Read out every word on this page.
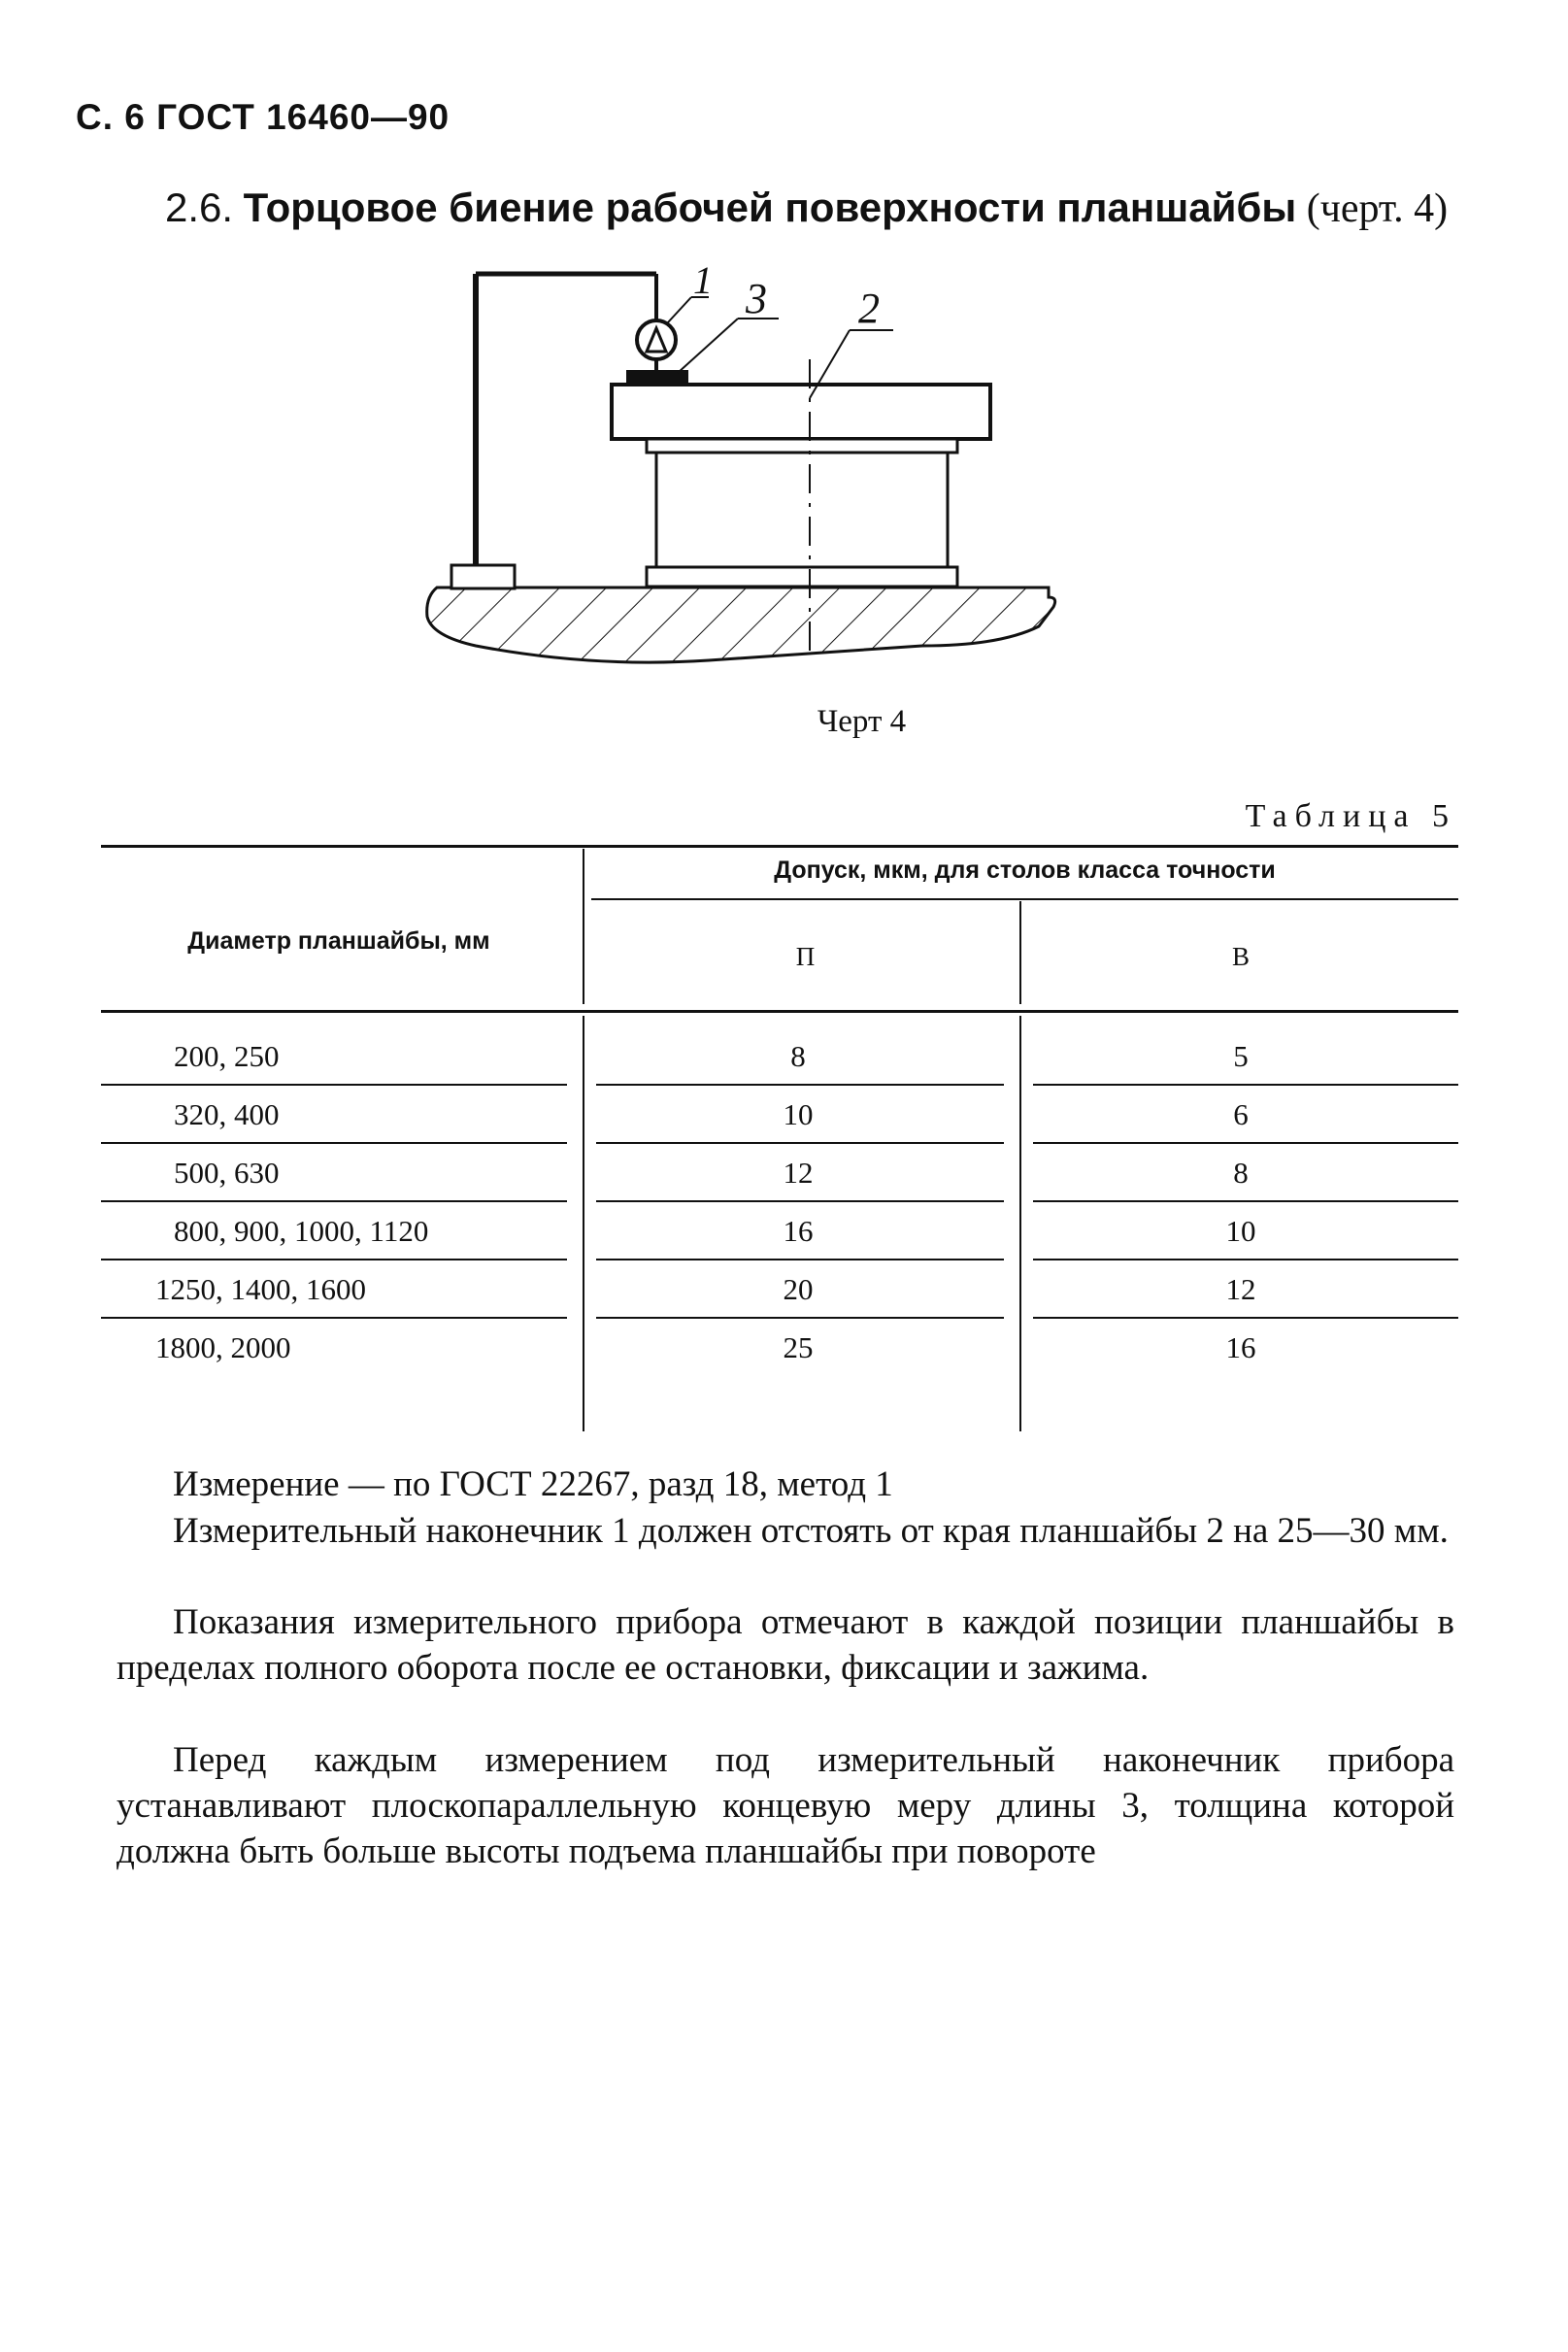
С. 6 ГОСТ 16460—90
2.6. Торцовое биение рабочей поверхности планшайбы (черт. 4)
1 3 2
Черт 4
Таблица 5
Диаметр планшайбы, мм
Допуск, мкм, для столов класса точности
П	В
200, 250	8	5
320, 400	10	6
500, 630	12	8
800, 900, 1000, 1120	16	10
1250, 1400, 1600	20	12
1800, 2000	25	16
Измерение — по ГОСТ 22267, разд 18, метод 1
Измерительный наконечник 1 должен отстоять от края планшайбы 2 на 25—30 мм.
Показания измерительного прибора отмечают в каждой позиции планшайбы в пределах полного оборота после ее остановки, фиксации и зажима.
Перед каждым измерением под измерительный наконечник прибора устанавливают плоскопараллельную концевую меру длины 3, толщина которой должна быть больше высоты подъема планшайбы при повороте
